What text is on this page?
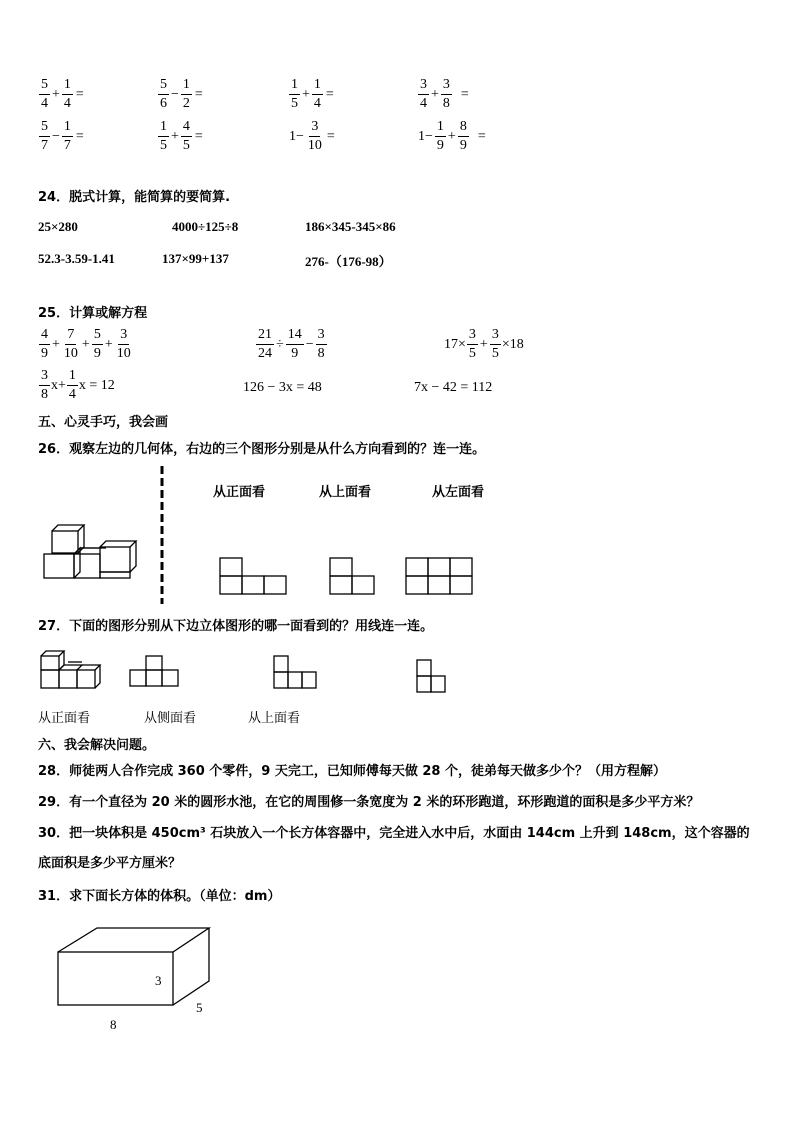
$\frac{5}{4} + \frac{1}{4}$ =	$\frac{5}{6} - \frac{1}{2}$ =	$\frac{1}{5} + \frac{1}{4}$ =	$\frac{3}{4} + \frac{3}{8}$ =
$\frac{5}{7} - \frac{1}{7}$ =	$\frac{1}{5} + \frac{4}{5}$ =	$1- \frac{3}{10}$ =	$1- \frac{1}{9} + \frac{8}{9}$ =
24．脱式计算，能简算的要简算.
25×280	4000÷125÷8	186×345-345×86
52.3-3.59-1.41	137×99+137	276-（176-98）
25．计算或解方程
$\frac{4}{9} + \frac{7}{10} + \frac{5}{9} + \frac{3}{10}$	$\frac{21}{24} \div \frac{14}{9} - \frac{3}{8}$	$17\times \frac{3}{5} + \frac{3}{5} \times 18$
$\frac{3}{8} x+ \frac{1}{4}$ x = 12	126 − 3x = 48	7x − 42 = 112
五、心灵手巧，我会画
26．观察左边的几何体，右边的三个图形分别是从什么方向看到的？连一连。
从正面看	从上面看	从左面看
27．下面的图形分别从下边立体图形的哪一面看到的？用线连一连。
从正面看	从侧面看	从上面看
六、我会解决问题。
28．师徒两人合作完成 360 个零件，9 天完工，已知师傅每天做 28 个，徒弟每天做多少个？（用方程解）
29．有一个直径为 20 米的圆形水池，在它的周围修一条宽度为 2 米的环形跑道，环形跑道的面积是多少平方米？
30．把一块体积是 450cm³ 石块放入一个长方体容器中，完全进入水中后，水面由 144cm 上升到 148cm，这个容器的
底面积是多少平方厘米？
31．求下面长方体的体积。（单位：dm）
3
5
8
